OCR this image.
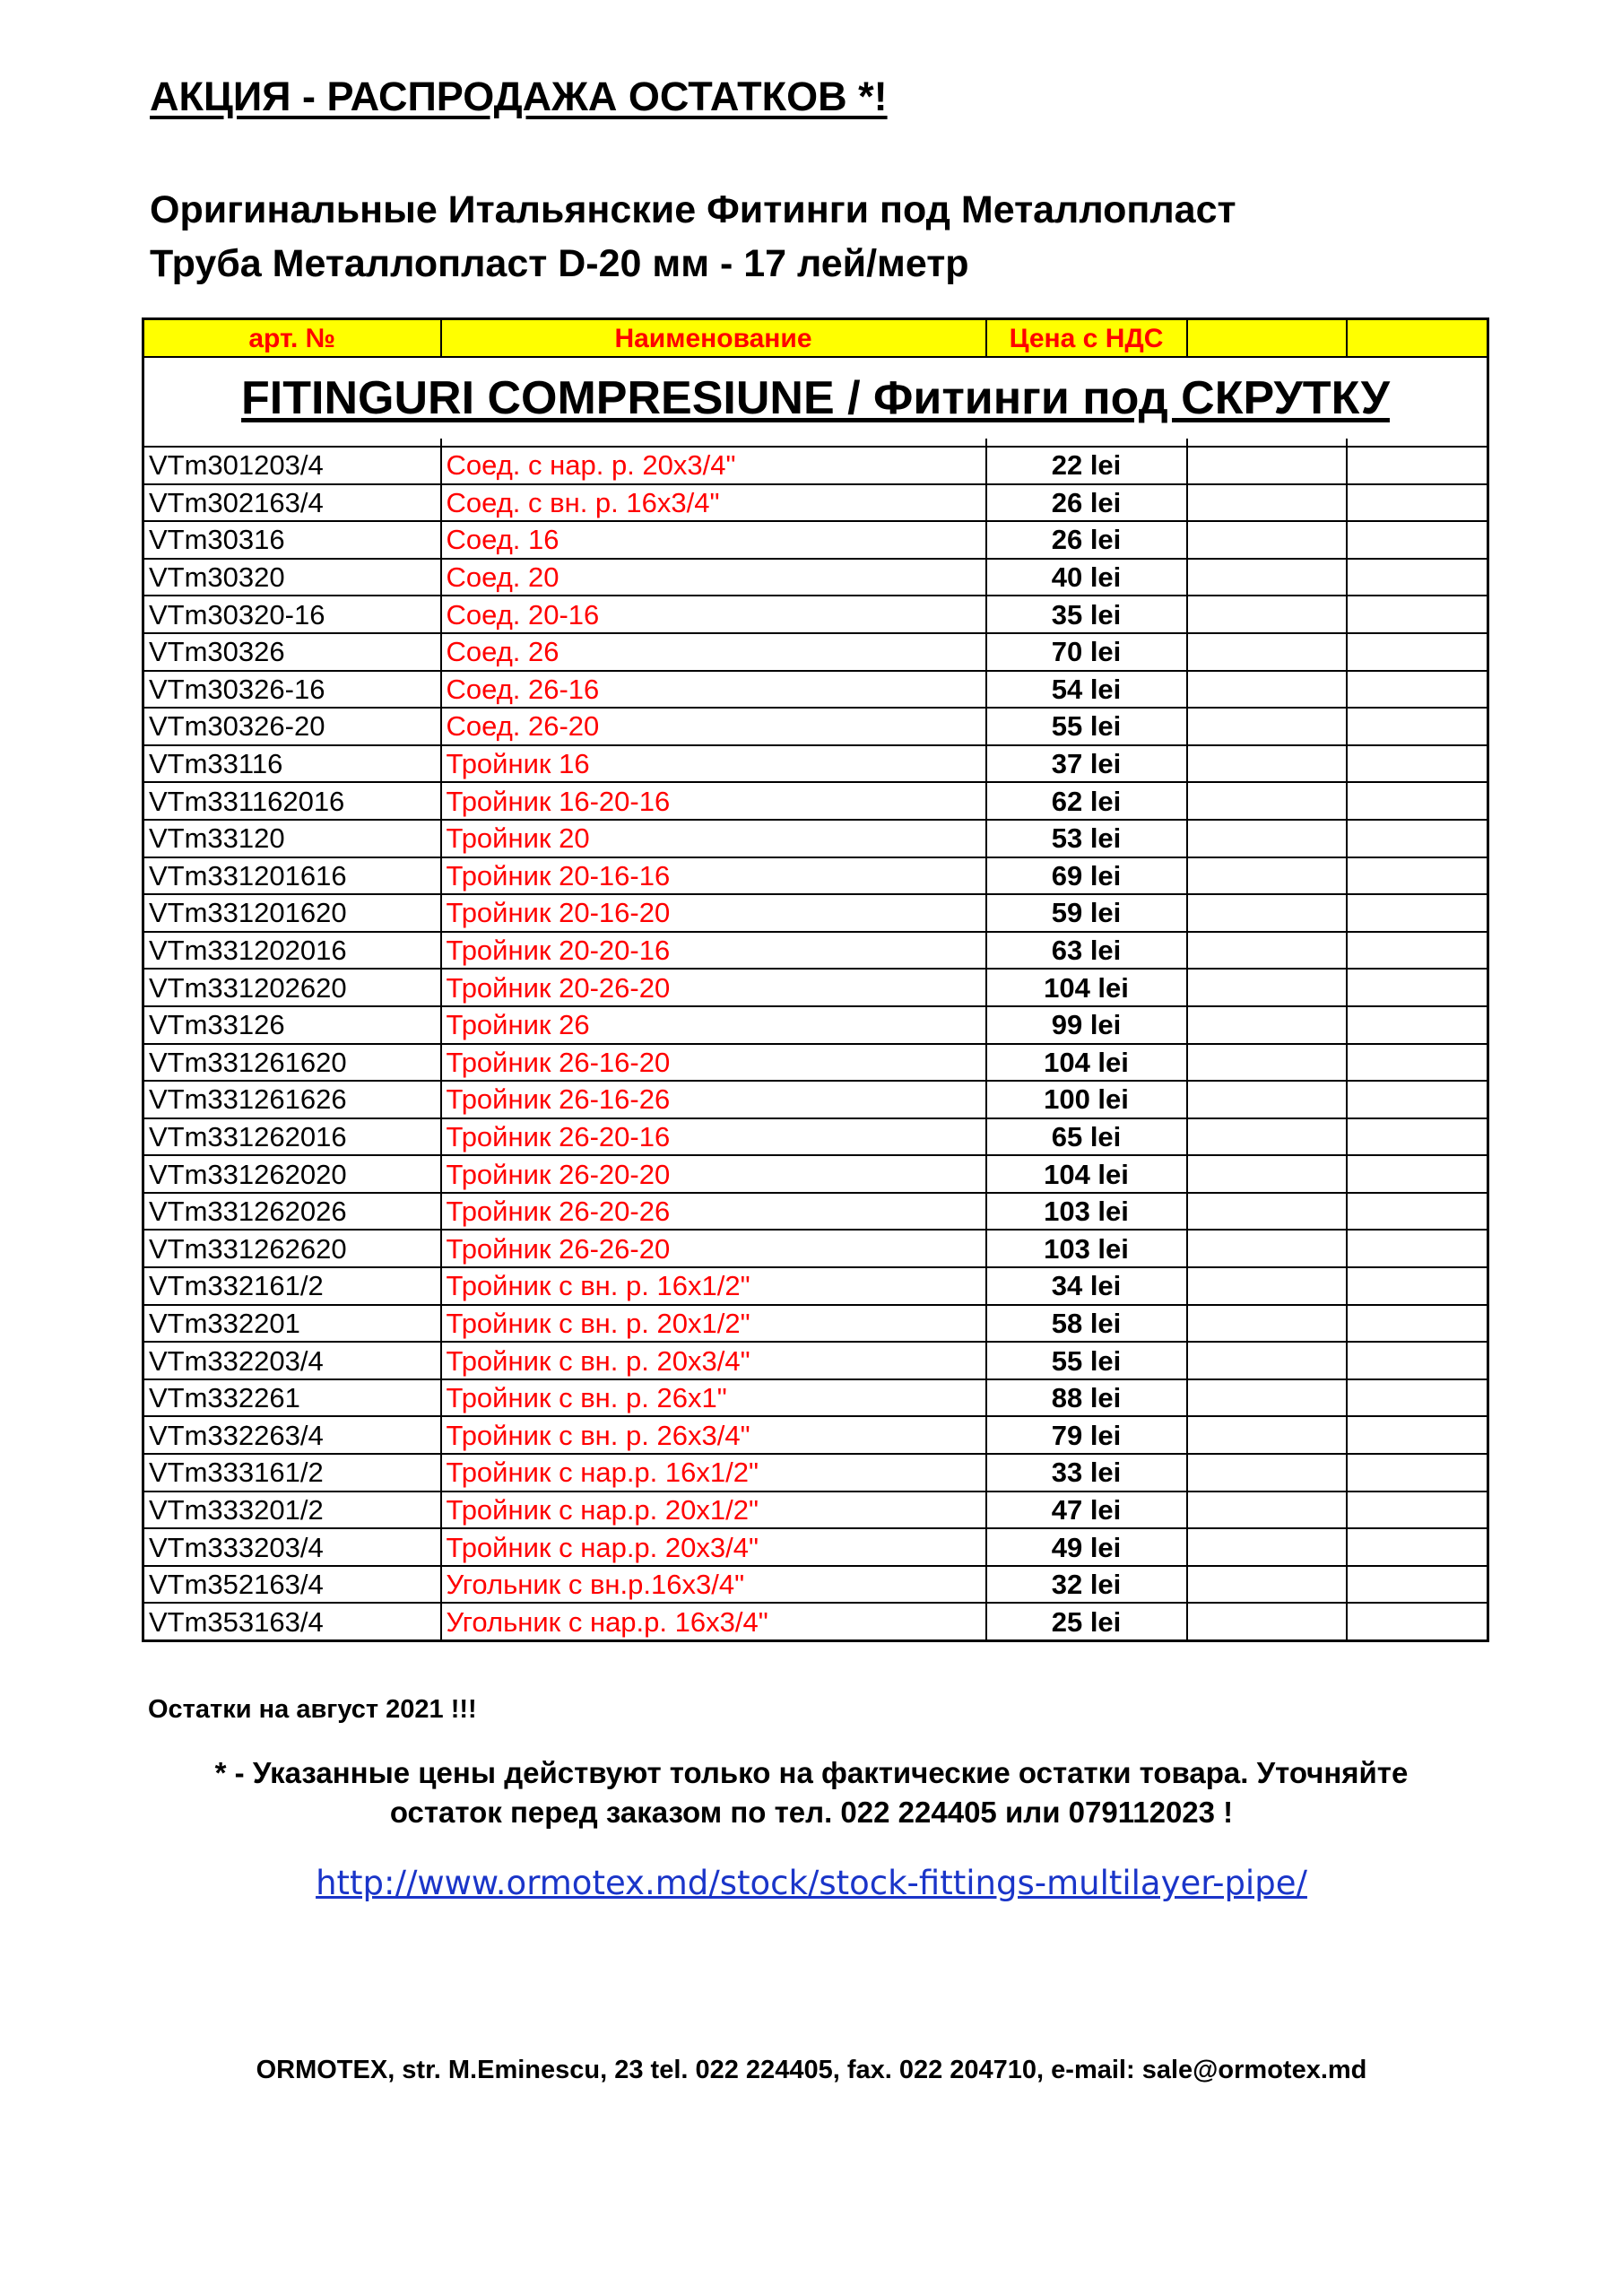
АКЦИЯ - РАСПРОДАЖА ОСТАТКОВ *!
Оригинальные Итальянские Фитинги под Металлопласт
Труба Металлопласт D-20 мм - 17 лей/метр
арт. №	Наименование	Цена с НДС		
FITINGURI COMPRESIUNE / Фитинги под СКРУТКУ				

VTm301203/4	Соед. с нар. р. 20х3/4"	22 lei		
VTm302163/4	Соед. с вн. р. 16х3/4"	26 lei		
VTm30316	Соед. 16	26 lei		
VTm30320	Соед. 20	40 lei		
VTm30320-16	Соед. 20-16	35 lei		
VTm30326	Соед. 26	70 lei		
VTm30326-16	Соед. 26-16	54 lei		
VTm30326-20	Соед. 26-20	55 lei		
VTm33116	Тройник 16	37 lei		
VTm331162016	Тройник 16-20-16	62 lei		
VTm33120	Тройник 20	53 lei		
VTm331201616	Тройник 20-16-16	69 lei		
VTm331201620	Тройник 20-16-20	59 lei		
VTm331202016	Тройник 20-20-16	63 lei		
VTm331202620	Тройник 20-26-20	104 lei		
VTm33126	Тройник 26	99 lei		
VTm331261620	Тройник 26-16-20	104 lei		
VTm331261626	Тройник 26-16-26	100 lei		
VTm331262016	Тройник 26-20-16	65 lei		
VTm331262020	Тройник 26-20-20	104 lei		
VTm331262026	Тройник 26-20-26	103 lei		
VTm331262620	Тройник 26-26-20	103 lei		
VTm332161/2	Тройник с вн. р. 16х1/2"	34 lei		
VTm332201	Тройник с вн. р. 20х1/2"	58 lei		
VTm332203/4	Тройник с вн. р. 20х3/4"	55 lei		
VTm332261	Тройник с вн. р. 26х1"	88 lei		
VTm332263/4	Тройник с вн. р. 26х3/4"	79 lei		
VTm333161/2	Тройник с нар.р. 16х1/2"	33 lei		
VTm333201/2	Тройник с нар.р. 20х1/2"	47 lei		
VTm333203/4	Тройник с нар.р. 20х3/4"	49 lei		
VTm352163/4	Угольник с вн.р.16х3/4"	32 lei		
VTm353163/4	Угольник с нар.р. 16х3/4"	25 lei		
Остатки на август 2021 !!!
* - Указанные цены действуют только на фактические остатки товара. Уточняйте
остаток перед заказом по тел. 022 224405 или 079112023 !
http://www.ormotex.md/stock/stock-fittings-multilayer-pipe/
ORMOTEX, str. M.Eminescu, 23 tel. 022 224405, fax. 022 204710, e-mail: sale@ormotex.md
